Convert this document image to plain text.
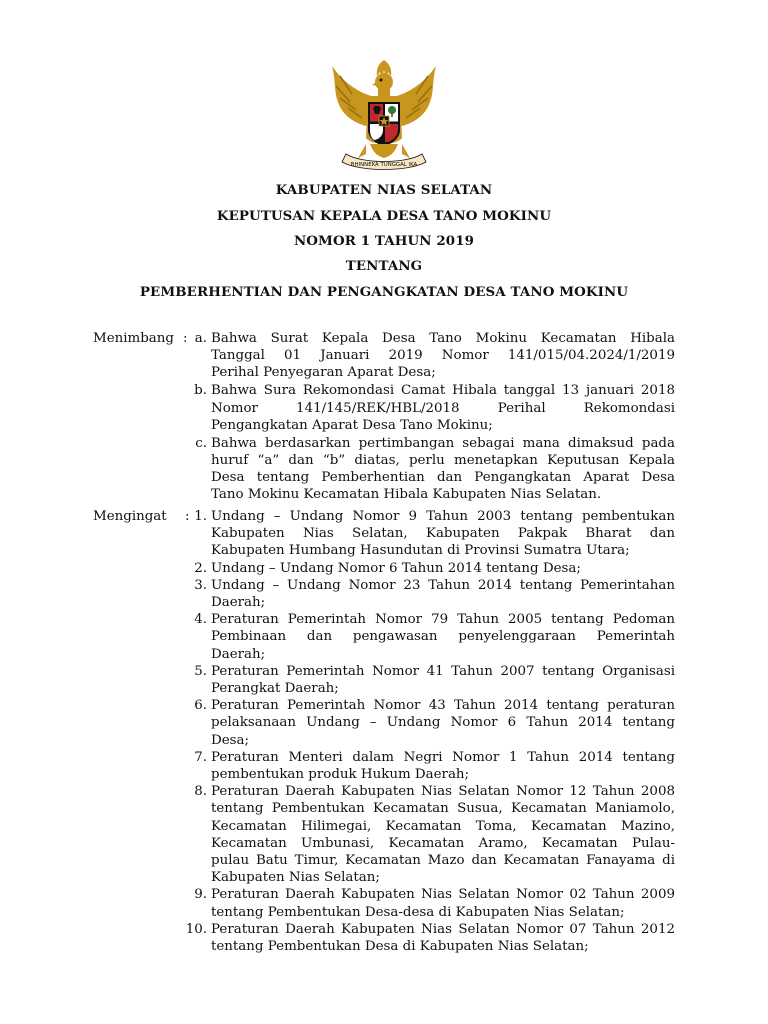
BHINNEKA TUNGGAL IKA
KABUPATEN NIAS SELATAN
KEPUTUSAN KEPALA DESA TANO MOKINU
NOMOR 1 TAHUN 2019
TENTANG
PEMBERHENTIAN DAN PENGANGKATAN DESA TANO MOKINU
Menimbang : a. Bahwa Surat Kepala Desa Tano Mokinu Kecamatan Hibala
Tanggal 01 Januari 2019 Nomor 141/015/04.2024/1/2019
Perihal Penyegaran Aparat Desa;
b. Bahwa Sura Rekomondasi Camat Hibala tanggal 13 januari 2018
Nomor 141/145/REK/HBL/2018 Perihal Rekomondasi
Pengangkatan Aparat Desa Tano Mokinu;
c. Bahwa berdasarkan pertimbangan sebagai mana dimaksud pada
huruf “a” dan “b” diatas, perlu menetapkan Keputusan Kepala
Desa tentang Pemberhentian dan Pengangkatan Aparat Desa
Tano Mokinu Kecamatan Hibala Kabupaten Nias Selatan.
Mengingat : 1. Undang – Undang Nomor 9 Tahun 2003 tentang pembentukan
Kabupaten Nias Selatan, Kabupaten Pakpak Bharat dan
Kabupaten Humbang Hasundutan di Provinsi Sumatra Utara;
2. Undang – Undang Nomor 6 Tahun 2014 tentang Desa;
3. Undang – Undang Nomor 23 Tahun 2014 tentang Pemerintahan
Daerah;
4. Peraturan Pemerintah Nomor 79 Tahun 2005 tentang Pedoman
Pembinaan dan pengawasan penyelenggaraan Pemerintah
Daerah;
5. Peraturan Pemerintah Nomor 41 Tahun 2007 tentang Organisasi
Perangkat Daerah;
6. Peraturan Pemerintah Nomor 43 Tahun 2014 tentang peraturan
pelaksanaan Undang – Undang Nomor 6 Tahun 2014 tentang
Desa;
7. Peraturan Menteri dalam Negri Nomor 1 Tahun 2014 tentang
pembentukan produk Hukum Daerah;
8. Peraturan Daerah Kabupaten Nias Selatan Nomor 12 Tahun 2008
tentang Pembentukan Kecamatan Susua, Kecamatan Maniamolo,
Kecamatan Hilimegai, Kecamatan Toma, Kecamatan Mazino,
Kecamatan Umbunasi, Kecamatan Aramo, Kecamatan Pulau-
pulau Batu Timur, Kecamatan Mazo dan Kecamatan Fanayama di
Kabupaten Nias Selatan;
9. Peraturan Daerah Kabupaten Nias Selatan Nomor 02 Tahun 2009
tentang Pembentukan Desa-desa di Kabupaten Nias Selatan;
10. Peraturan Daerah Kabupaten Nias Selatan Nomor 07 Tahun 2012
tentang Pembentukan Desa di Kabupaten Nias Selatan;
